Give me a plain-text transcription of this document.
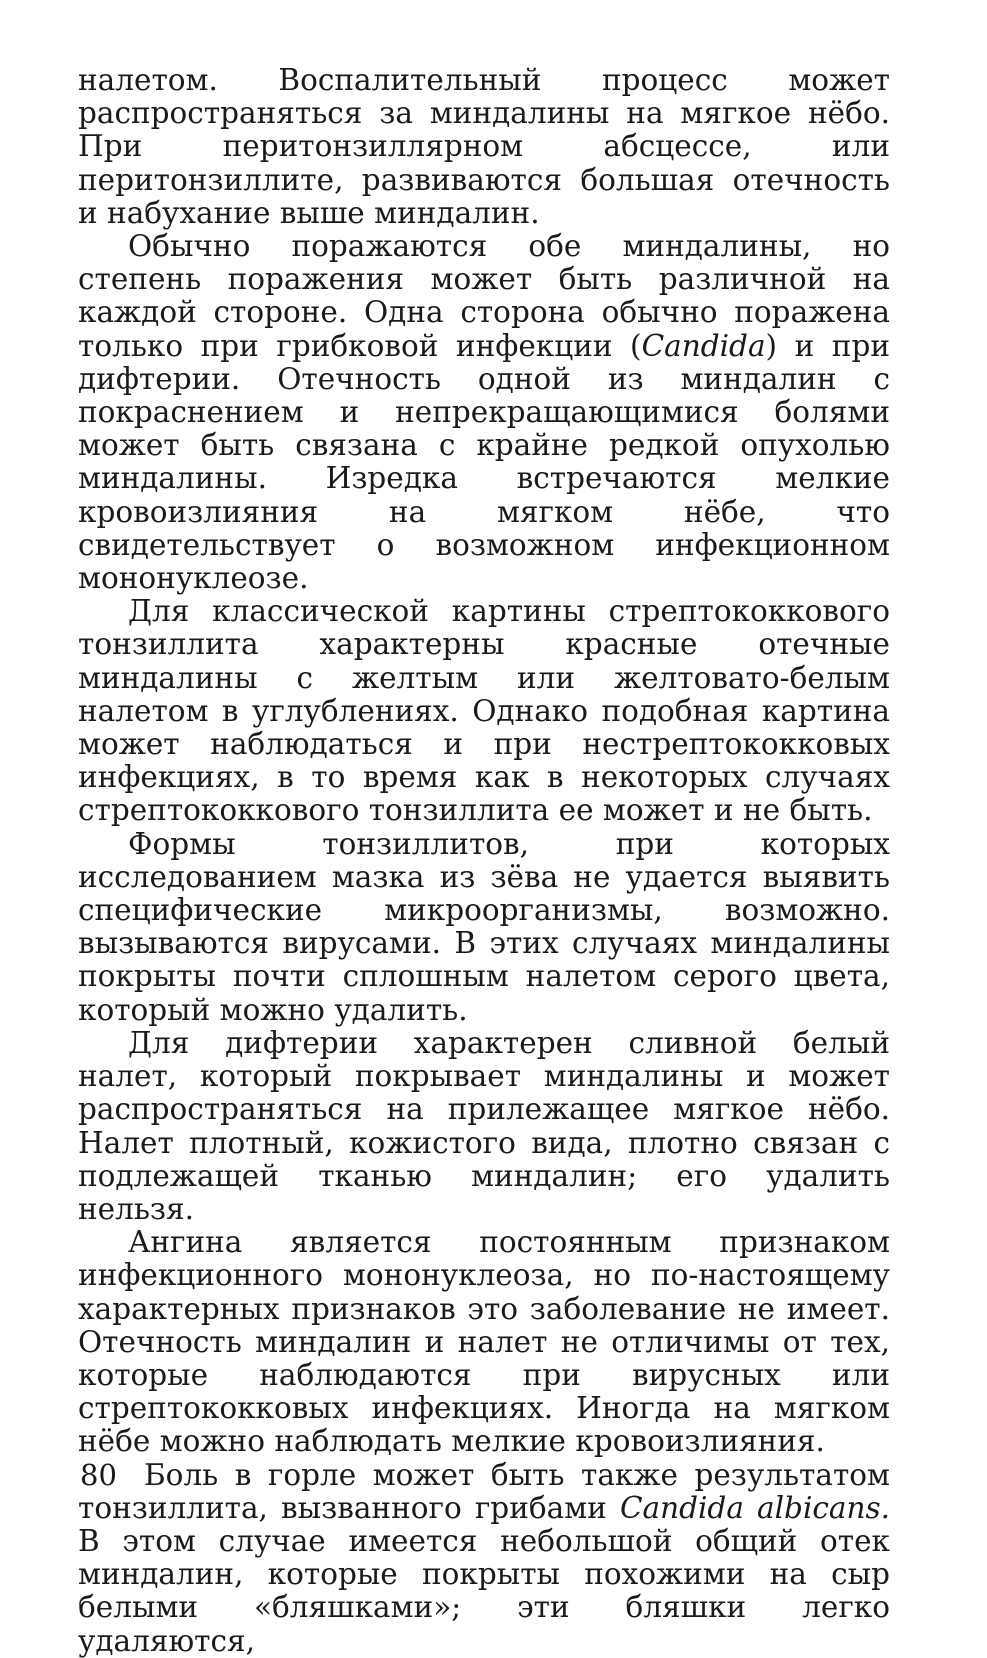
налетом. Воспалительный процесс может распространяться за миндалины на мягкое нёбо. При перитонзиллярном абсцессе, или перитонзиллите, развиваются большая отечность и набухание выше миндалин.

Обычно поражаются обе миндалины, но степень поражения может быть различной на каждой стороне. Одна сторона обычно поражена только при грибковой инфекции (Candida) и при дифтерии. Отечность одной из миндалин с покраснением и непрекращающимися болями может быть связана с крайне редкой опухолью миндалины. Изредка встречаются мелкие кровоизлияния на мягком нёбе, что свидетельствует о возможном инфекционном мононуклеозе.

Для классической картины стрептококкового тонзиллита характерны красные отечные миндалины с желтым или желтовато-белым налетом в углублениях. Однако подобная картина может наблюдаться и при нестрептококковых инфекциях, в то время как в некоторых случаях стрептококкового тонзиллита ее может и не быть.

Формы тонзиллитов, при которых исследованием мазка из зёва не удается выявить специфические микроорганизмы, возможно. вызываются вирусами. В этих случаях миндалины покрыты почти сплошным налетом серого цвета, который можно удалить.

Для дифтерии характерен сливной белый налет, который покрывает миндалины и может распространяться на прилежащее мягкое нёбо. Налет плотный, кожистого вида, плотно связан с подлежащей тканью миндалин; его удалить нельзя.

Ангина является постоянным признаком инфекционного мононуклеоза, но по-настоящему характерных признаков это заболевание не имеет. Отечность миндалин и налет не отличимы от тех, которые наблюдаются при вирусных или стрептококковых инфекциях. Иногда на мягком нёбе можно наблюдать мелкие кровоизлияния.

Боль в горле может быть также результатом тонзиллита, вызванного грибами Candida albicans. В этом случае имеется небольшой общий отек миндалин, которые покрыты похожими на сыр белыми «бляшками»; эти бляшки легко удаляются,

80
